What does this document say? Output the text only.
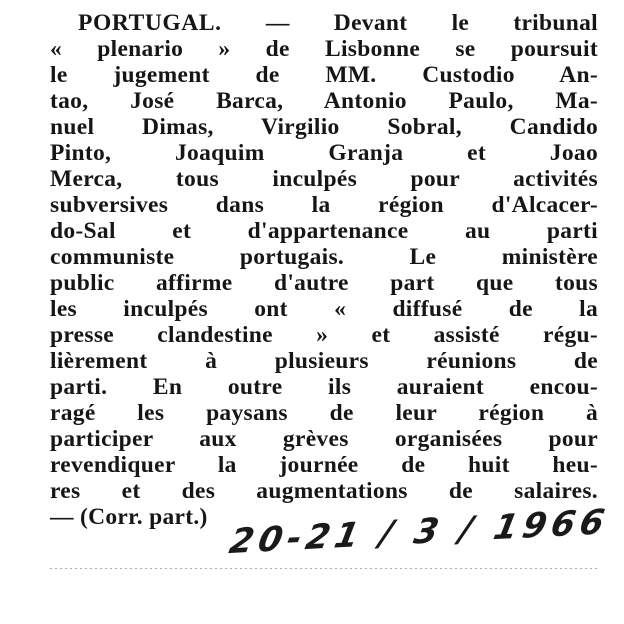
PORTUGAL. — Devant le tribunal
« plenario » de Lisbonne se poursuit
le jugement de MM. Custodio An-
tao, José Barca, Antonio Paulo, Ma-
nuel Dimas, Virgilio Sobral, Candido
Pinto, Joaquim Granja et Joao
Merca, tous inculpés pour activités
subversives dans la région d'Alcacer-
do-Sal et d'appartenance au parti
communiste portugais. Le ministère
public affirme d'autre part que tous
les inculpés ont « diffusé de la
presse clandestine » et assisté régu-
lièrement à plusieurs réunions de
parti. En outre ils auraient encou-
ragé les paysans de leur région à
participer aux grèves organisées pour
revendiquer la journée de huit heu-
res et des augmentations de salaires.
— (Corr. part.) 20-21 / 3 / 1966
